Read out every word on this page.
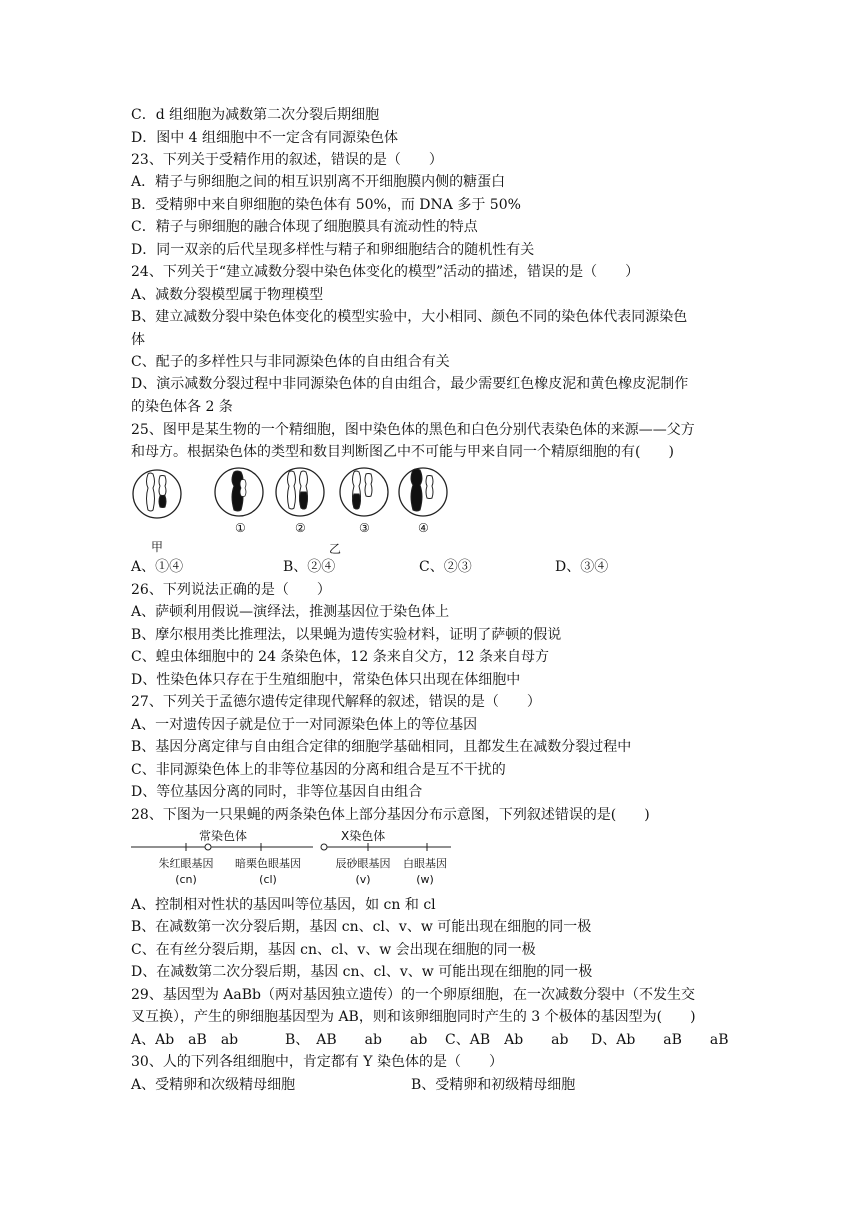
C．d 组细胞为减数第二次分裂后期细胞
D．图中 4 组细胞中不一定含有同源染色体
23、下列关于受精作用的叙述，错误的是（　　）
A．精子与卵细胞之间的相互识别离不开细胞膜内侧的糖蛋白
B．受精卵中来自卵细胞的染色体有 50%，而 DNA 多于 50%
C．精子与卵细胞的融合体现了细胞膜具有流动性的特点
D．同一双亲的后代呈现多样性与精子和卵细胞结合的随机性有关
24、下列关于“建立减数分裂中染色体变化的模型”活动的描述，错误的是（　　）
A、减数分裂模型属于物理模型
B、建立减数分裂中染色体变化的模型实验中，大小相同、颜色不同的染色体代表同源染色
体
C、配子的多样性只与非同源染色体的自由组合有关
D、演示减数分裂过程中非同源染色体的自由组合，最少需要红色橡皮泥和黄色橡皮泥制作
的染色体各 2 条
25、图甲是某生物的一个精细胞，图中染色体的黑色和白色分别代表染色体的来源——父方
和母方。根据染色体的类型和数目判断图乙中不可能与甲来自同一个精原细胞的有(　　)
①	②	③	④
甲	乙
A、①④	B、②④	C、②③	D、③④
26、下列说法正确的是（　　）
A、萨顿利用假说—演绎法，推测基因位于染色体上
B、摩尔根用类比推理法，以果蝇为遗传实验材料，证明了萨顿的假说
C、蝗虫体细胞中的 24 条染色体，12 条来自父方，12 条来自母方
D、性染色体只存在于生殖细胞中，常染色体只出现在体细胞中
27、下列关于孟德尔遗传定律现代解释的叙述，错误的是（　　）
A、一对遗传因子就是位于一对同源染色体上的等位基因
B、基因分离定律与自由组合定律的细胞学基础相同，且都发生在减数分裂过程中
C、非同源染色体上的非等位基因的分离和组合是互不干扰的
D、等位基因分离的同时，非等位基因自由组合
28、下图为一只果蝇的两条染色体上部分基因分布示意图，下列叙述错误的是(　　)
常染色体	X染色体
朱红眼基因
(cn)
暗栗色眼基因
(cl)
辰砂眼基因
(v)
白眼基因
(w)
A、控制相对性状的基因叫等位基因，如 cn 和 cl
B、在减数第一次分裂后期，基因 cn、cl、v、w 可能出现在细胞的同一极
C、在有丝分裂后期，基因 cn、cl、v、w 会出现在细胞的同一极
D、在减数第二次分裂后期，基因 cn、cl、v、w 可能出现在细胞的同一极
29、基因型为 AaBb（两对基因独立遗传）的一个卵原细胞，在一次减数分裂中（不发生交
叉互换），产生的卵细胞基因型为 AB，则和该卵细胞同时产生的 3 个极体的基因型为(　　)
A、Ab　aB　ab	B、　AB　　ab　　ab C、AB　Ab　　ab D、Ab　　aB　　aB
30、人的下列各组细胞中，肯定都有 Y 染色体的是（　　）
A、受精卵和次级精母细胞	B、受精卵和初级精母细胞
